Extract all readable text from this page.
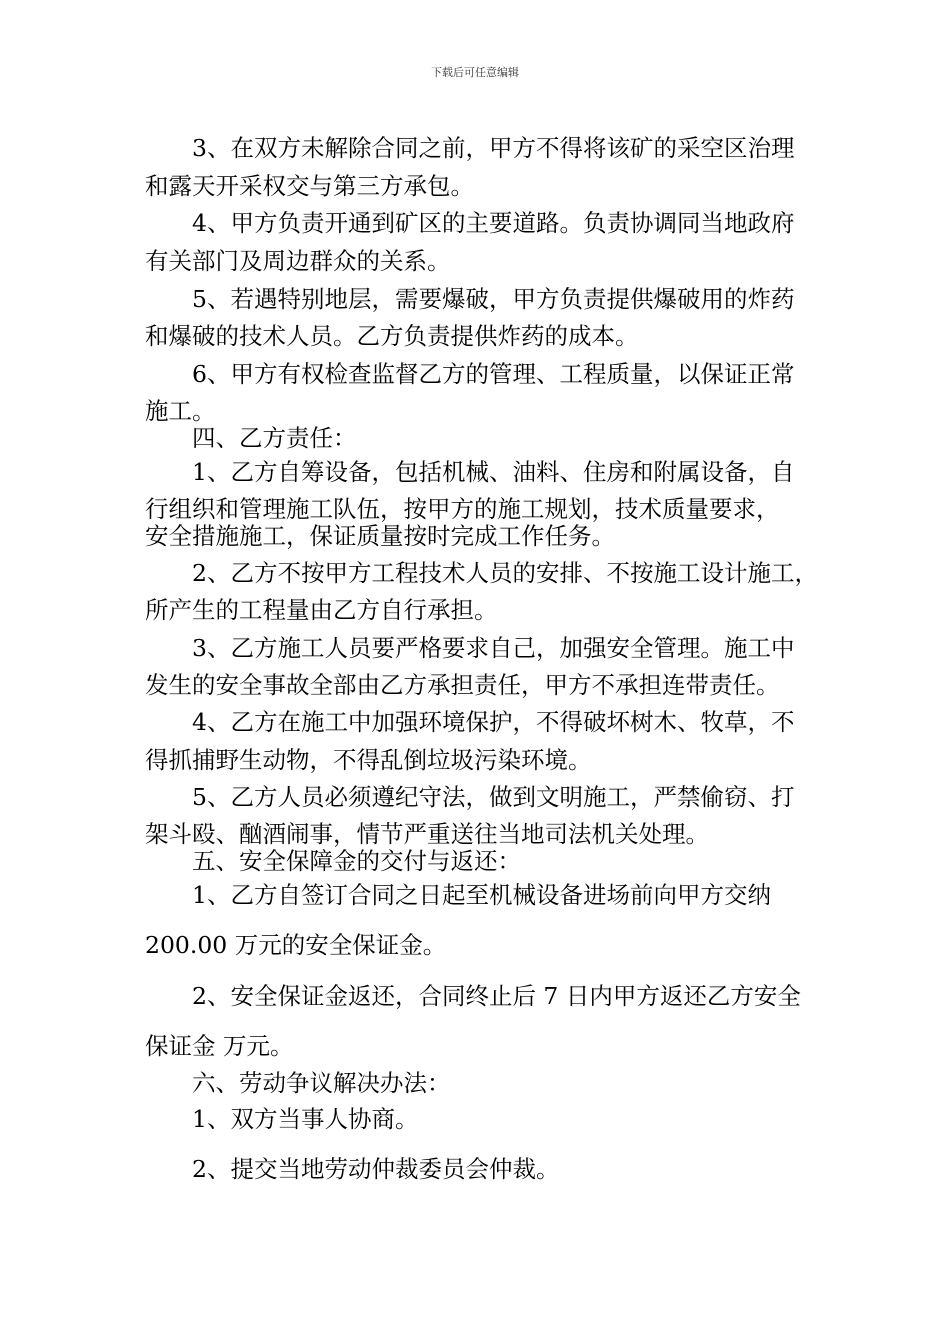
下载后可任意编辑
3、在双方未解除合同之前，甲方不得将该矿的采空区治理
和露天开采权交与第三方承包。
4、甲方负责开通到矿区的主要道路。负责协调同当地政府
有关部门及周边群众的关系。
5、若遇特别地层，需要爆破，甲方负责提供爆破用的炸药
和爆破的技术人员。乙方负责提供炸药的成本。
6、甲方有权检查监督乙方的管理、工程质量，以保证正常
施工。
四、乙方责任：
1、乙方自筹设备，包括机械、油料、住房和附属设备，自
行组织和管理施工队伍，按甲方的施工规划，技术质量要求，
安全措施施工，保证质量按时完成工作任务。
2、乙方不按甲方工程技术人员的安排、不按施工设计施工，
所产生的工程量由乙方自行承担。
3、乙方施工人员要严格要求自己，加强安全管理。施工中
发生的安全事故全部由乙方承担责任，甲方不承担连带责任。
4、乙方在施工中加强环境保护，不得破坏树木、牧草，不
得抓捕野生动物，不得乱倒垃圾污染环境。
5、乙方人员必须遵纪守法，做到文明施工，严禁偷窃、打
架斗殴、酗酒闹事，情节严重送往当地司法机关处理。
五、安全保障金的交付与返还：
1、乙方自签订合同之日起至机械设备进场前向甲方交纳
200.00 万元的安全保证金。
2、安全保证金返还，合同终止后 7 日内甲方返还乙方安全
保证金 万元。
六、劳动争议解决办法：
1、双方当事人协商。
2、提交当地劳动仲裁委员会仲裁。
